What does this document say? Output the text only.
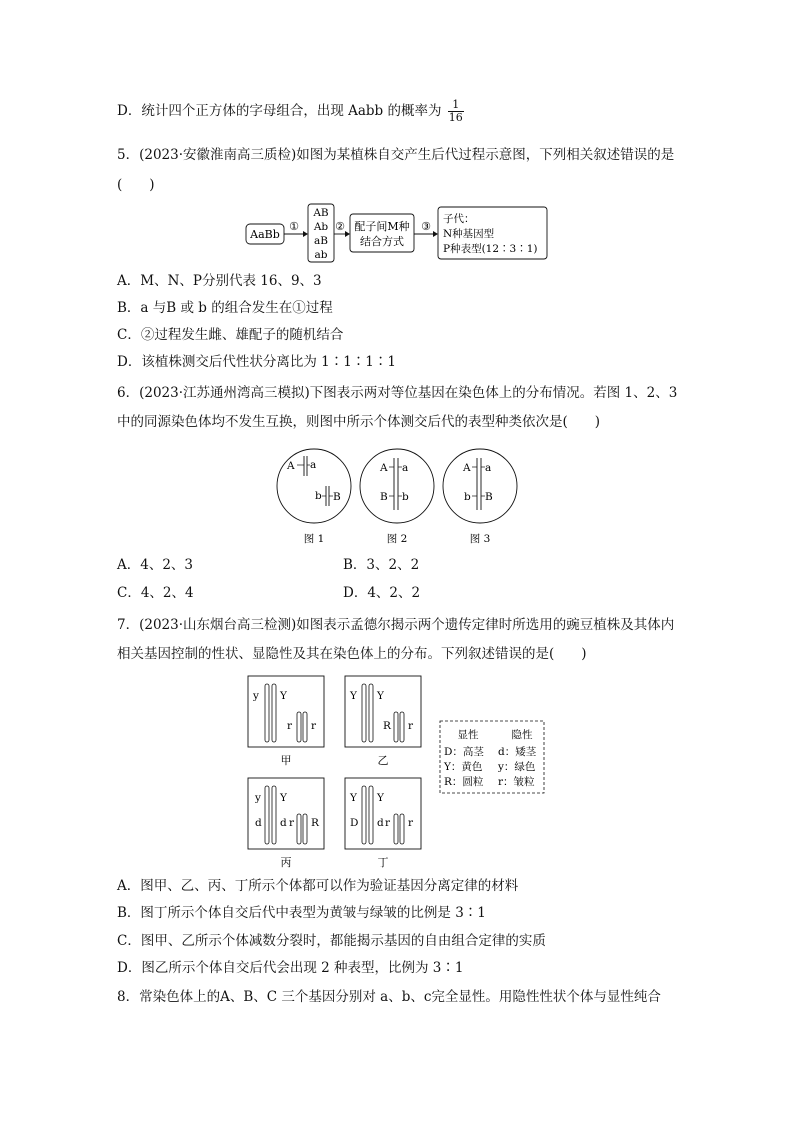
D．统计四个正方体的字母组合，出现 Aabb 的概率为 $\frac{1}{16}$
5．(2023·安徽淮南高三质检)如图为某植株自交产生后代过程示意图，下列相关叙述错误的是
(　　)
AaBb
①
AB
Ab
aB
ab
② 配子间M种
结合方式
③
子代：
N种基因型
P种表型(12∶3∶1)
A．M、N、P分别代表 16、9、3
B．a 与B 或 b 的组合发生在①过程
C．②过程发生雌、雄配子的随机结合
D．该植株测交后代性状分离比为 1∶1∶1∶1
6．(2023·江苏通州湾高三模拟)下图表示两对等位基因在染色体上的分布情况。若图 1、2、3
中的同源染色体均不发生互换，则图中所示个体测交后代的表型种类依次是(　　)
A a
b B
图 1
A a
B b
图 2
A a
b B
图 3
A．4、2、3	B．3、2、2
C．4、2、4	D．4、2、2
7．(2023·山东烟台高三检测)如图表示孟德尔揭示两个遗传定律时所选用的豌豆植株及其体内
相关基因控制的性状、显隐性及其在染色体上的分布。下列叙述错误的是(　　)
y Y
r r
甲
Y Y
R r
乙
y Y
d d r R
丙
Y Y
D d r r
丁
显性	隐性
D：高茎 d：矮茎
Y：黄色 y：绿色
R：圆粒 r：皱粒
A．图甲、乙、丙、丁所示个体都可以作为验证基因分离定律的材料
B．图丁所示个体自交后代中表型为黄皱与绿皱的比例是 3∶1
C．图甲、乙所示个体减数分裂时，都能揭示基因的自由组合定律的实质
D．图乙所示个体自交后代会出现 2 种表型，比例为 3∶1
8．常染色体上的A、B、C 三个基因分别对 a、b、c完全显性。用隐性性状个体与显性纯合
